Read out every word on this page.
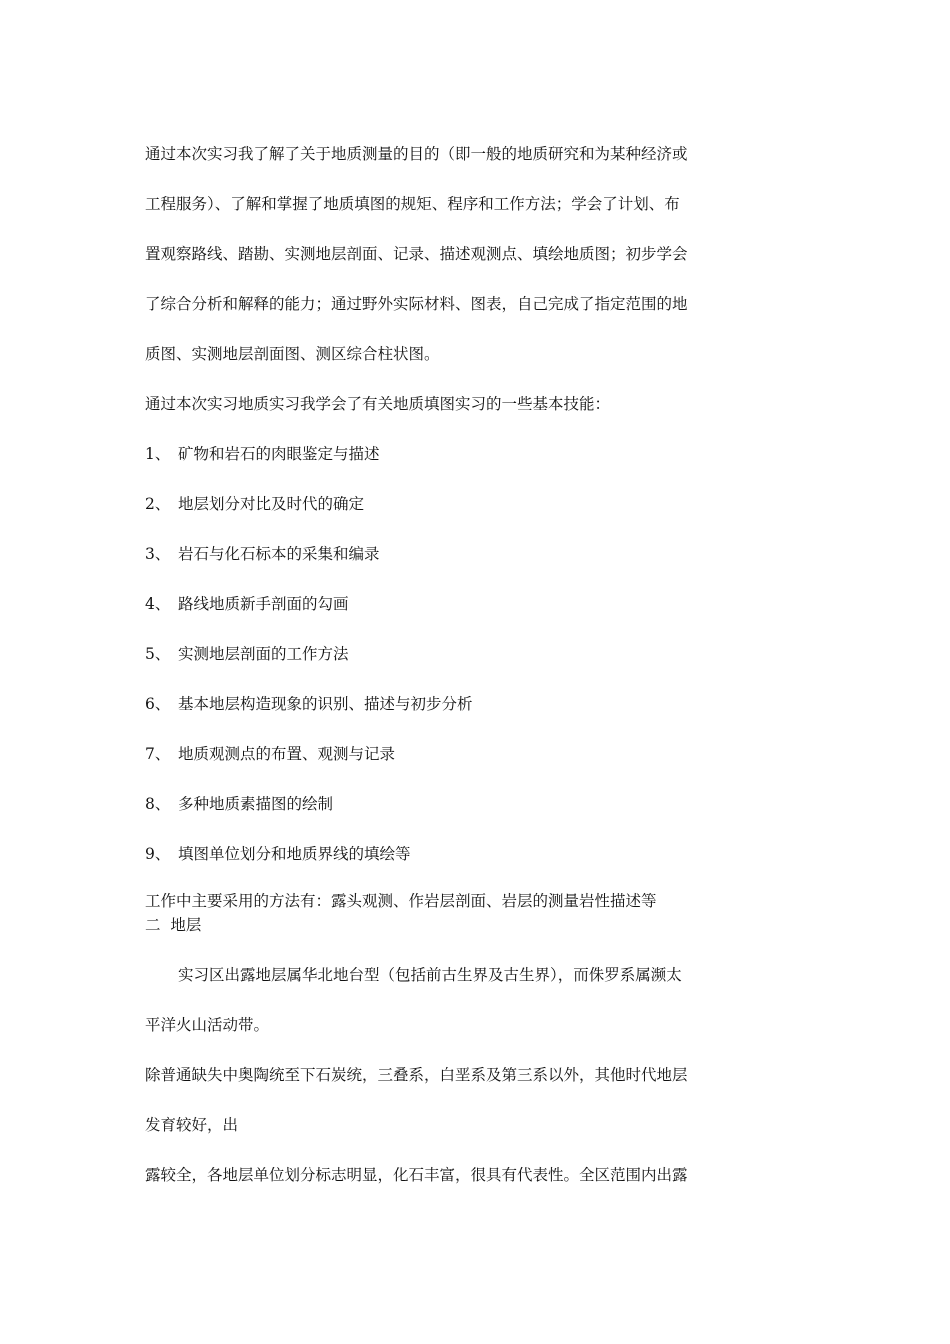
通过本次实习我了解了关于地质测量的目的（即一般的地质研究和为某种经济或
工程服务）、了解和掌握了地质填图的规矩、程序和工作方法；学会了计划、布
置观察路线、踏勘、实测地层剖面、记录、描述观测点、填绘地质图；初步学会
了综合分析和解释的能力；通过野外实际材料、图表，自己完成了指定范围的地
质图、实测地层剖面图、测区综合柱状图。
通过本次实习地质实习我学会了有关地质填图实习的一些基本技能：
1、 矿物和岩石的肉眼鉴定与描述
2、 地层划分对比及时代的确定
3、 岩石与化石标本的采集和编录
4、 路线地质新手剖面的勾画
5、 实测地层剖面的工作方法
6、 基本地层构造现象的识别、描述与初步分析
7、 地质观测点的布置、观测与记录
8、 多种地质素描图的绘制
9、 填图单位划分和地质界线的填绘等
工作中主要采用的方法有：露头观测、作岩层剖面、岩层的测量岩性描述等
二  地层
实习区出露地层属华北地台型（包括前古生界及古生界），而侏罗系属濒太
平洋火山活动带。
除普通缺失中奥陶统至下石炭统，三叠系，白垩系及第三系以外，其他时代地层
发育较好，出
露较全，各地层单位划分标志明显，化石丰富，很具有代表性。全区范围内出露
